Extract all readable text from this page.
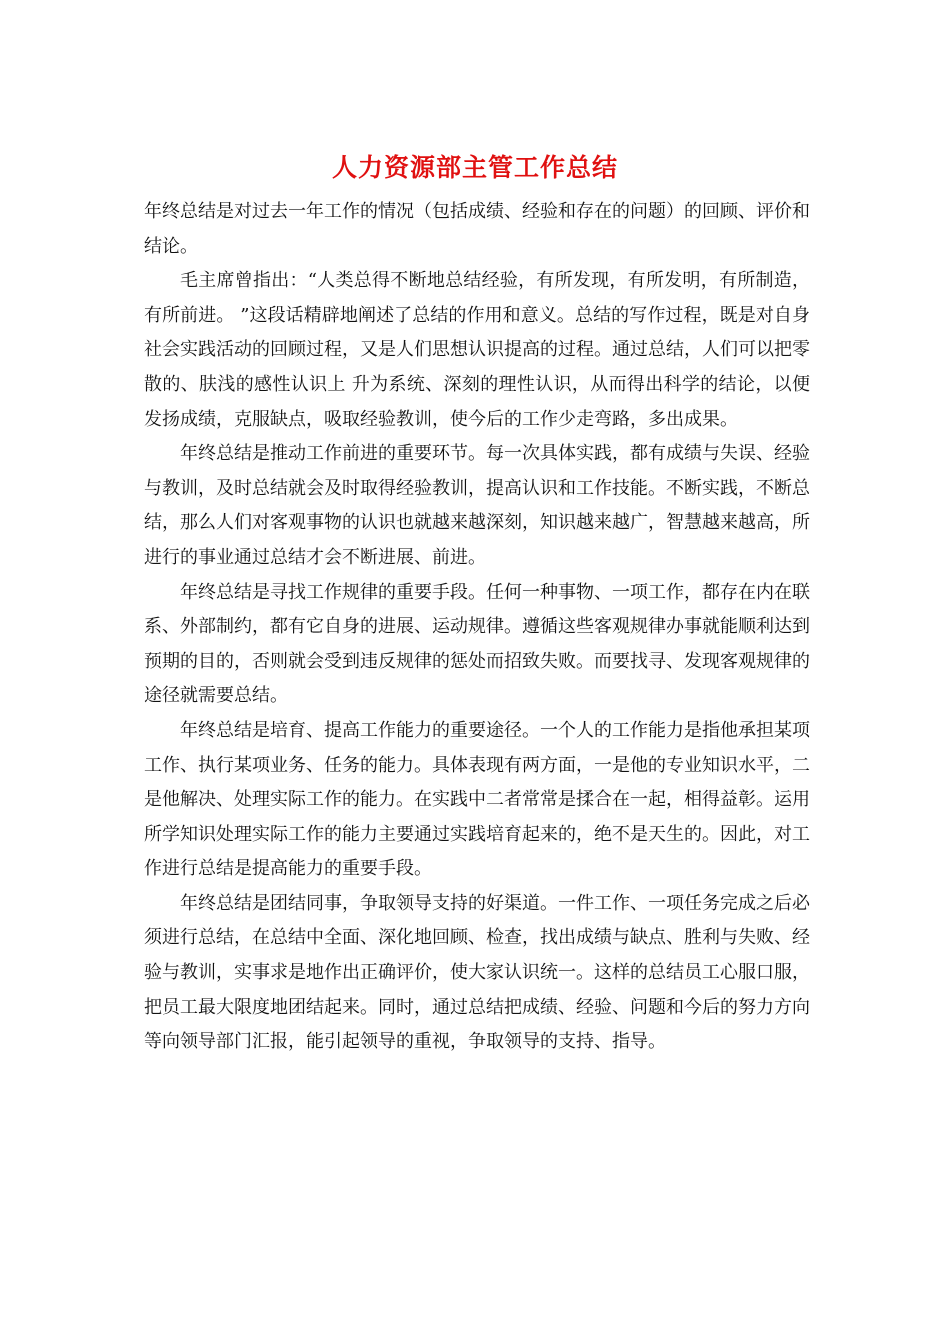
人力资源部主管工作总结

年终总结是对过去一年工作的情况（包括成绩、经验和存在的问题）的回顾、评价和结论。

毛主席曾指出：“人类总得不断地总结经验，有所发现，有所发明，有所制造，有所前进。 ”这段话精辟地阐述了总结的作用和意义。总结的写作过程，既是对自身社会实践活动的回顾过程，又是人们思想认识提高的过程。通过总结，人们可以把零散的、肤浅的感性认识上 升为系统、深刻的理性认识，从而得出科学的结论，以便发扬成绩，克服缺点，吸取经验教训，使今后的工作少走弯路，多出成果。

年终总结是推动工作前进的重要环节。每一次具体实践，都有成绩与失误、经验与教训，及时总结就会及时取得经验教训，提高认识和工作技能。不断实践，不断总结，那么人们对客观事物的认识也就越来越深刻，知识越来越广，智慧越来越高，所进行的事业通过总结才会不断进展、前进。

年终总结是寻找工作规律的重要手段。任何一种事物、一项工作，都存在内在联系、外部制约，都有它自身的进展、运动规律。遵循这些客观规律办事就能顺利达到预期的目的，否则就会受到违反规律的惩处而招致失败。而要找寻、发现客观规律的途径就需要总结。

年终总结是培育、提高工作能力的重要途径。一个人的工作能力是指他承担某项工作、执行某项业务、任务的能力。具体表现有两方面，一是他的专业知识水平，二是他解决、处理实际工作的能力。在实践中二者常常是揉合在一起，相得益彰。运用所学知识处理实际工作的能力主要通过实践培育起来的，绝不是天生的。因此，对工作进行总结是提高能力的重要手段。

年终总结是团结同事，争取领导支持的好渠道。一件工作、一项任务完成之后必须进行总结，在总结中全面、深化地回顾、检查，找出成绩与缺点、胜利与失败、经验与教训，实事求是地作出正确评价，使大家认识统一。这样的总结员工心服口服，把员工最大限度地团结起来。同时，通过总结把成绩、经验、问题和今后的努力方向等向领导部门汇报，能引起领导的重视，争取领导的支持、指导。
